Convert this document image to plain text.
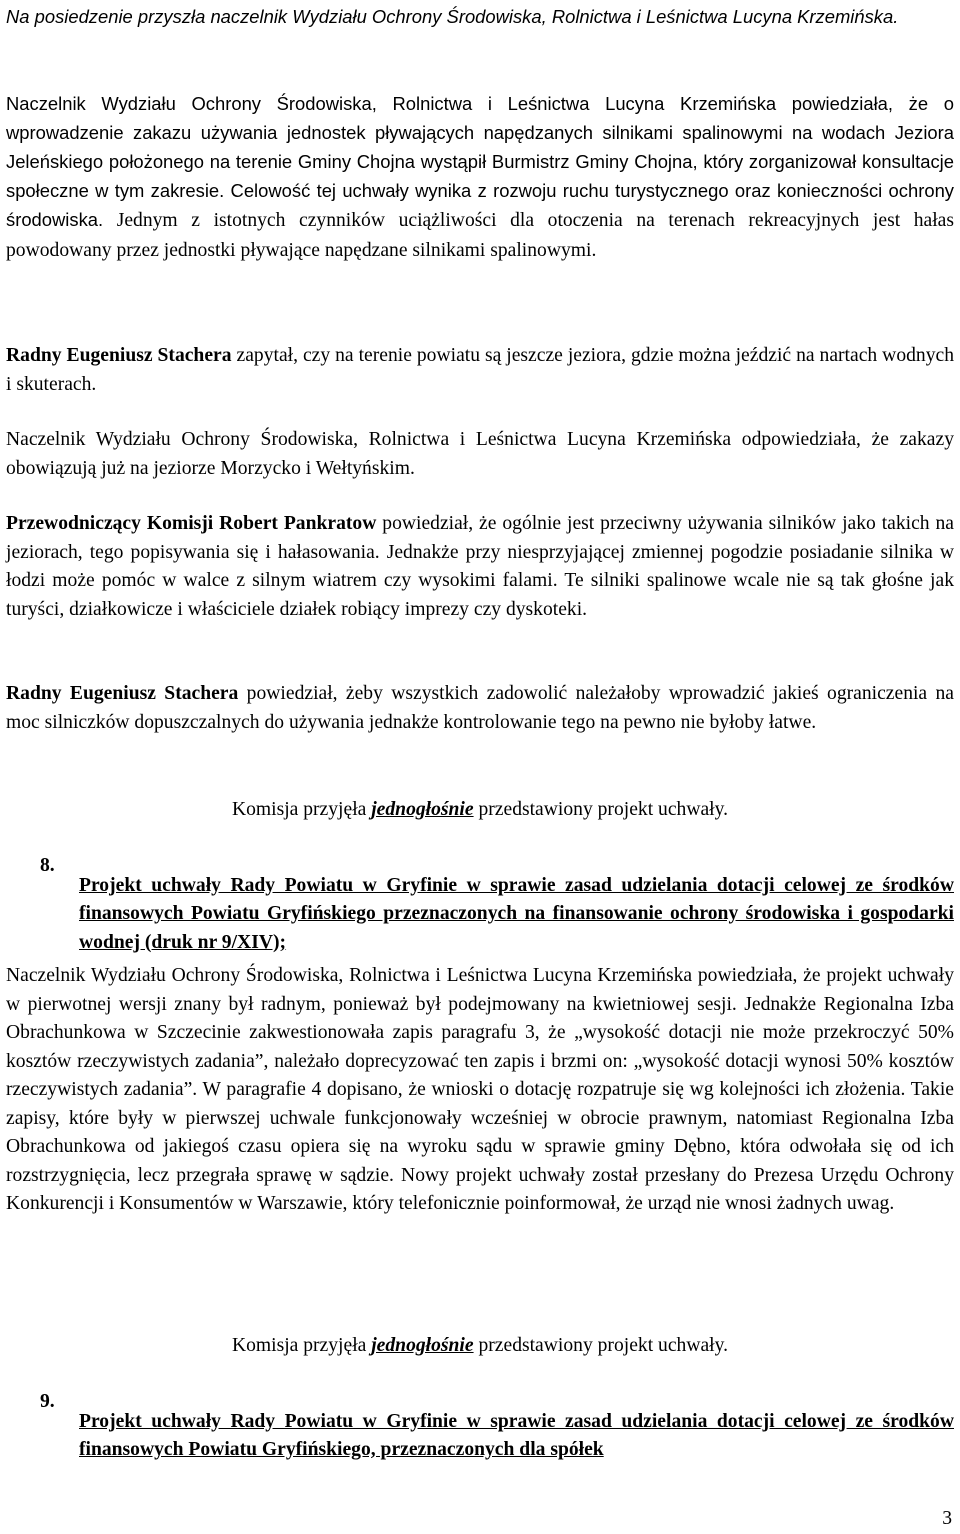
Na posiedzenie przyszła naczelnik Wydziału Ochrony Środowiska, Rolnictwa i Leśnictwa Lucyna Krzemińska.

Naczelnik Wydziału Ochrony Środowiska, Rolnictwa i Leśnictwa Lucyna Krzemińska powiedziała, że o wprowadzenie zakazu używania jednostek pływających napędzanych silnikami spalinowymi na wodach Jeziora Jeleńskiego położonego na terenie Gminy Chojna wystąpił Burmistrz Gminy Chojna, który zorganizował konsultacje społeczne w tym zakresie. Celowość tej uchwały wynika z rozwoju ruchu turystycznego oraz konieczności ochrony środowiska. Jednym z istotnych czynników uciążliwości dla otoczenia na terenach rekreacyjnych jest hałas powodowany przez jednostki pływające napędzane silnikami spalinowymi.

Radny Eugeniusz Stachera zapytał, czy na terenie powiatu są jeszcze jeziora, gdzie można jeździć na nartach wodnych i skuterach.

Naczelnik Wydziału Ochrony Środowiska, Rolnictwa i Leśnictwa Lucyna Krzemińska odpowiedziała, że zakazy obowiązują już na jeziorze Morzycko i Wełtyńskim.

Przewodniczący Komisji Robert Pankratow powiedział, że ogólnie jest przeciwny używania silników jako takich na jeziorach, tego popisywania się i hałasowania. Jednakże przy niesprzyjającej zmiennej pogodzie posiadanie silnika w łodzi może pomóc w walce z silnym wiatrem czy wysokimi falami. Te silniki spalinowe wcale nie są tak głośne jak turyści, działkowicze i właściciele działek robiący imprezy czy dyskoteki.

Radny Eugeniusz Stachera powiedział, żeby wszystkich zadowolić należałoby wprowadzić jakieś ograniczenia na moc silniczków dopuszczalnych do używania jednakże kontrolowanie tego na pewno nie byłoby łatwe.

Komisja przyjęła jednogłośnie przedstawiony projekt uchwały.

8.

Projekt uchwały Rady Powiatu w Gryfinie w sprawie zasad udzielania dotacji celowej ze środków finansowych Powiatu Gryfińskiego przeznaczonych na finansowanie ochrony środowiska i gospodarki wodnej (druk nr 9/XIV);

Naczelnik Wydziału Ochrony Środowiska, Rolnictwa i Leśnictwa Lucyna Krzemińska powiedziała, że projekt uchwały w pierwotnej wersji znany był radnym, ponieważ był podejmowany na kwietniowej sesji. Jednakże Regionalna Izba Obrachunkowa w Szczecinie zakwestionowała zapis paragrafu 3, że „wysokość dotacji nie może przekroczyć 50% kosztów rzeczywistych zadania”, należało doprecyzować ten zapis i brzmi on: „wysokość dotacji wynosi 50% kosztów rzeczywistych zadania”. W paragrafie 4 dopisano, że wnioski o dotację rozpatruje się wg kolejności ich złożenia. Takie zapisy, które były w pierwszej uchwale funkcjonowały wcześniej w obrocie prawnym, natomiast Regionalna Izba Obrachunkowa od jakiegoś czasu opiera się na wyroku sądu w sprawie gminy Dębno, która odwołała się od ich rozstrzygnięcia, lecz przegrała sprawę w sądzie. Nowy projekt uchwały został przesłany do Prezesa Urzędu Ochrony Konkurencji i Konsumentów w Warszawie, który telefonicznie poinformował, że urząd nie wnosi żadnych uwag.

Komisja przyjęła jednogłośnie przedstawiony projekt uchwały.

9.

Projekt uchwały Rady Powiatu w Gryfinie w sprawie zasad udzielania dotacji celowej ze środków finansowych Powiatu Gryfińskiego, przeznaczonych dla spółek

3
